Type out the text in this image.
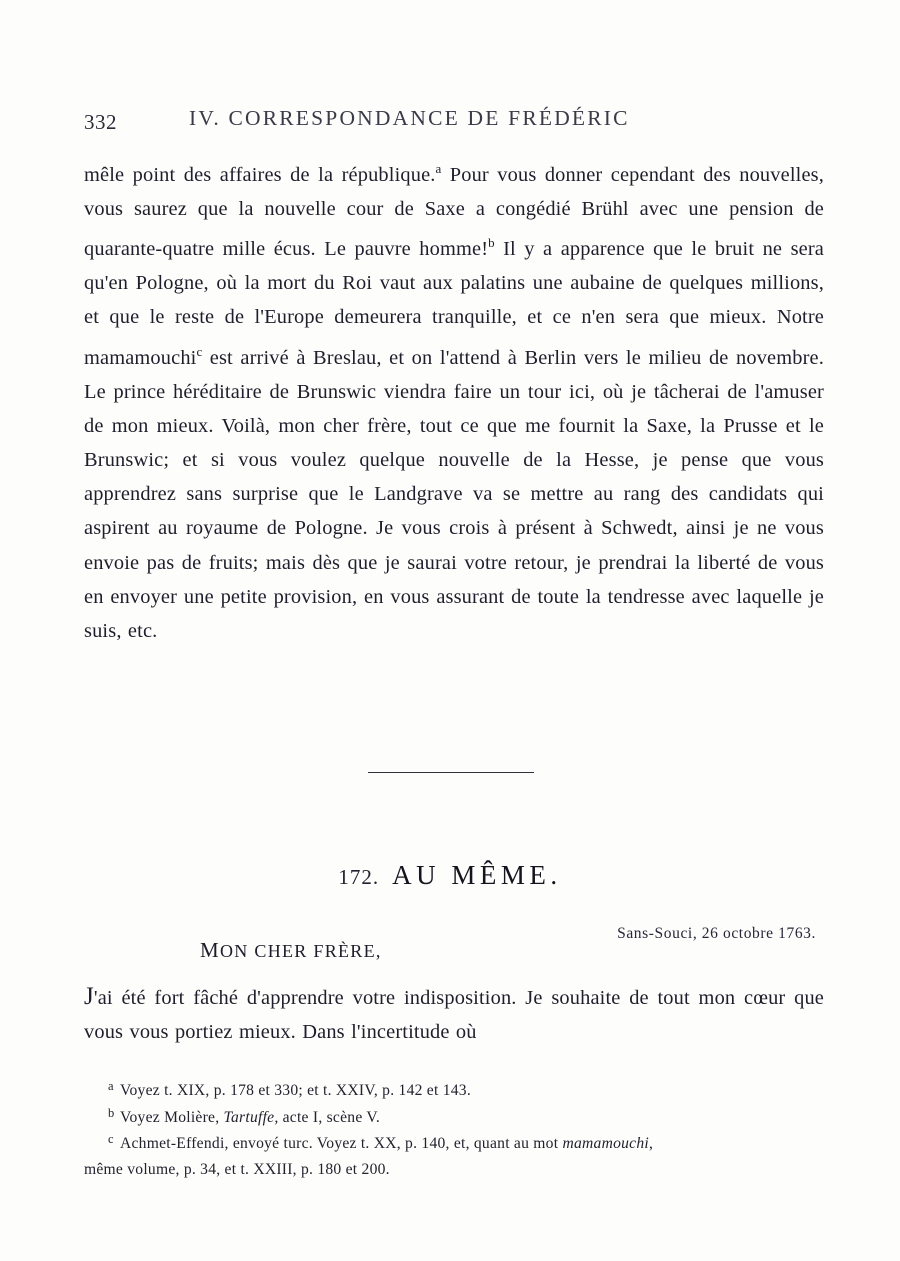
332	IV. CORRESPONDANCE DE FRÉDÉRIC

mêle point des affaires de la république.$^a$ Pour vous donner cependant des nouvelles, vous saurez que la nouvelle cour de Saxe a congédié Brühl avec une pension de quarante-quatre mille écus. Le pauvre homme!$^b$ Il y a apparence que le bruit ne sera qu'en Pologne, où la mort du Roi vaut aux palatins une aubaine de quelques millions, et que le reste de l'Europe demeurera tranquille, et ce n'en sera que mieux. Notre mamamouchi$^c$ est arrivé à Breslau, et on l'attend à Berlin vers le milieu de novembre. Le prince héréditaire de Brunswic viendra faire un tour ici, où je tâcherai de l'amuser de mon mieux. Voilà, mon cher frère, tout ce que me fournit la Saxe, la Prusse et le Brunswic; et si vous voulez quelque nouvelle de la Hesse, je pense que vous apprendrez sans surprise que le Landgrave va se mettre au rang des candidats qui aspirent au royaume de Pologne. Je vous crois à présent à Schwedt, ainsi je ne vous envoie pas de fruits; mais dès que je saurai votre retour, je prendrai la liberté de vous en envoyer une petite provision, en vous assurant de toute la tendresse avec laquelle je suis, etc.

172. AU MÊME.
Sans-Souci, 26 octobre 1763.
MON CHER FRÈRE,

J'ai été fort fâché d'apprendre votre indisposition. Je souhaite de tout mon cœur que vous vous portiez mieux. Dans l'incertitude où

a Voyez t. XIX, p. 178 et 330; et t. XXIV, p. 142 et 143.
b Voyez Molière, Tartuffe, acte I, scène V.
c Achmet-Effendi, envoyé turc. Voyez t. XX, p. 140, et, quant au mot mamamouchi,
même volume, p. 34, et t. XXIII, p. 180 et 200.
